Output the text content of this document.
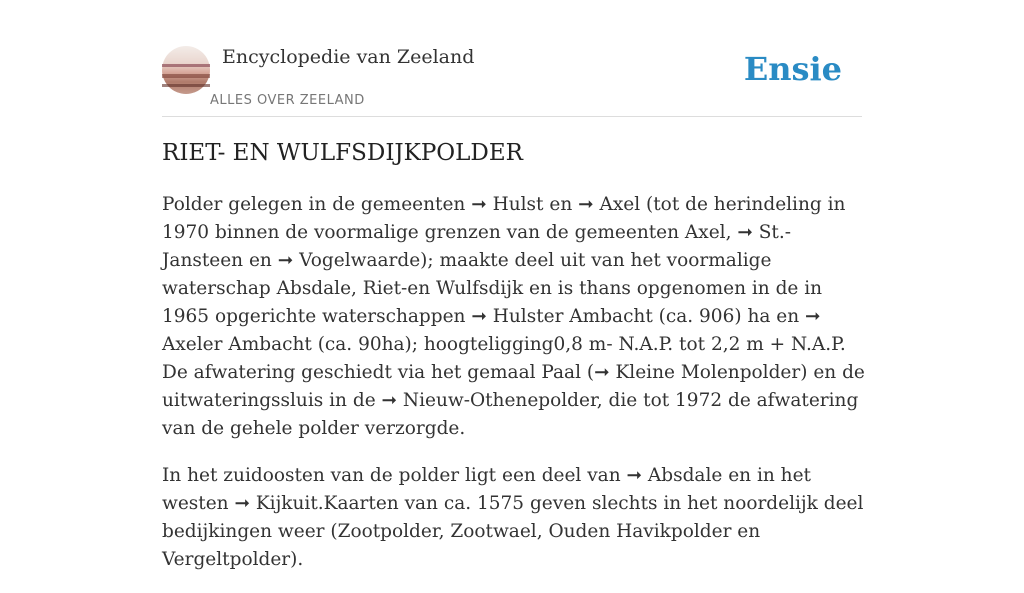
Encyclopedie van Zeeland
ALLES OVER ZEELAND
Ensie
RIET- EN WULFSDIJKPOLDER

Polder gelegen in de gemeenten ➞ Hulst en ➞ Axel (tot de herindeling in 1970 binnen de voormalige grenzen van de gemeenten Axel, ➞ St.-Jansteen en ➞ Vogelwaarde); maakte deel uit van het voormalige waterschap Absdale, Riet-en Wulfsdijk en is thans opgenomen in de in 1965 opgerichte waterschappen ➞ Hulster Ambacht (ca. 906) ha en ➞ Axeler Ambacht (ca. 90ha); hoogteligging0,8 m- N.A.P. tot 2,2 m + N.A.P. De afwatering geschiedt via het gemaal Paal (➞ Kleine Molenpolder) en de uitwateringssluis in de ➞ Nieuw-Othenepolder, die tot 1972 de afwatering van de gehele polder verzorgde.

In het zuidoosten van de polder ligt een deel van ➞ Absdale en in het westen ➞ Kijkuit.Kaarten van ca. 1575 geven slechts in het noordelijk deel bedijkingen weer (Zootpolder, Zootwael, Ouden Havikpolder en Vergeltpolder).
